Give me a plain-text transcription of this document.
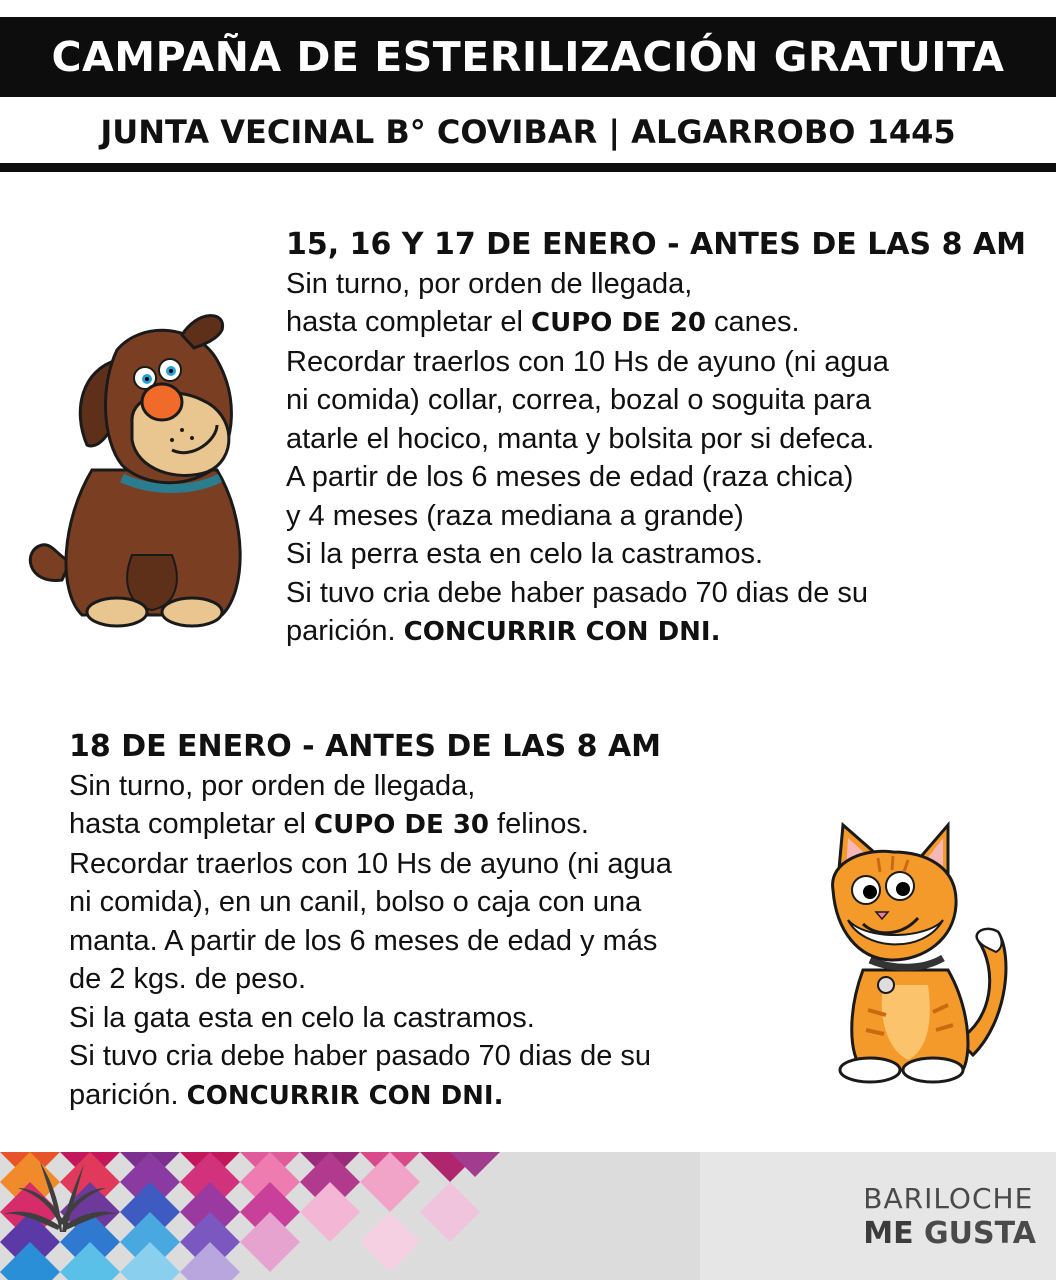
CAMPAÑA DE ESTERILIZACIÓN GRATUITA
JUNTA VECINAL B° COVIBAR | ALGARROBO 1445
15, 16 Y 17 DE ENERO - ANTES DE LAS 8 AM
Sin turno, por orden de llegada,
hasta completar el CUPO DE 20 canes.
Recordar traerlos con 10 Hs de ayuno (ni agua
ni comida) collar, correa, bozal o soguita para
atarle el hocico, manta y bolsita por si defeca.
A partir de los 6 meses de edad (raza chica)
y 4 meses (raza mediana a grande)
Si la perra esta en celo la castramos.
Si tuvo cria debe haber pasado 70 dias de su
parición. CONCURRIR CON DNI.
18 DE ENERO - ANTES DE LAS 8 AM
Sin turno, por orden de llegada,
hasta completar el CUPO DE 30 felinos.
Recordar traerlos con 10 Hs de ayuno (ni agua
ni comida), en un canil, bolso o caja con una
manta. A partir de los 6 meses de edad y más
de 2 kgs. de peso.
Si la gata esta en celo la castramos.
Si tuvo cria debe haber pasado 70 dias de su
parición. CONCURRIR CON DNI.
BARILOCHE
ME GUSTA
